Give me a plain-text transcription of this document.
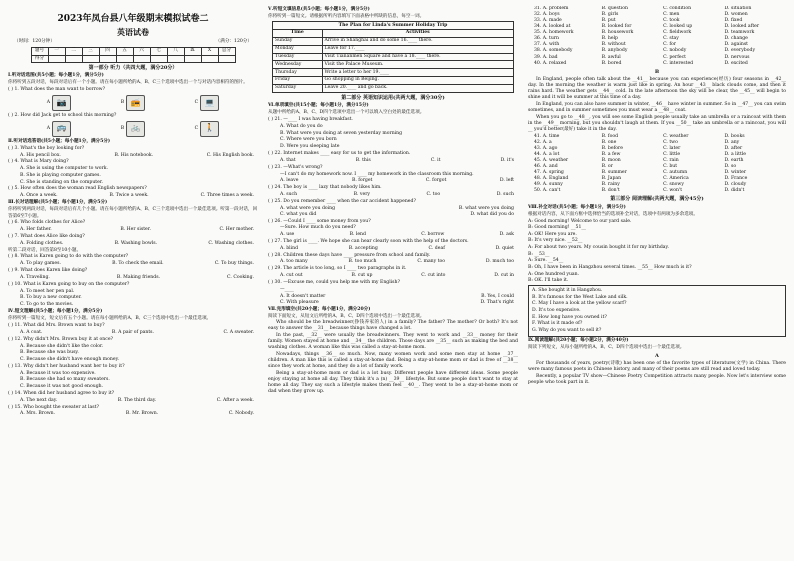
2023年凤台县八年级期末模拟试卷二
英语试卷
（时间：120分钟）	（满分：120分）
题号	一	二	三	四	五	六	七	八	Ⅸ	Ⅹ	总分
得分											
第一部分 听力（共四大题，满分20分）
Ⅰ.听对话选图(共5小题；每小题1分，满分5分)
你将听到五段对话，每段对话后有一个小题。请在每小题所给的A、B、C三个选项中选出一个与对话内容相符的图片。
( ) 1. What does the man want to borrow?
A 📷	B 📻	C 💻
( ) 2. How did Jack get to school this morning?
A 🚌	B 🚲	C 🚶
Ⅱ.听对话选答语(共5小题；每小题1分，满分5分)
( ) 3. What's the boy looking for?
A. His pencil box.	B. His notebook.	C. His English book.
( ) 4. What is Mary doing?
A. She is using the computer to work.
B. She is playing computer games.
C. She is standing on the computer.
( ) 5. How often does the woman read English newspapers?
A. Once a week.	B. Twice a week.	C. Three times a week.
Ⅲ.长对话理解(共5小题；每小题1分，满分5分)
你将听到两段对话，每段对话后有几个小题。请在每小题所给的A、B、C三个选项中选出一个最佳选项。听第一段对话，回答第6至7小题。
( ) 6. Who folds clothes for Alice?
A. Her father.	B. Her sister.	C. Her mother.
( ) 7. What does Alice like doing?
A. Folding clothes.	B. Washing bowls.	C. Washing clothes.
听第二段对话，回答第8至10小题。
( ) 8. What is Karen going to do with the computer?
A. To play games.	B. To check the email.	C. To buy things.
( ) 9. What does Karen like doing?
A. Traveling.	B. Making friends.	C. Cooking.
( ) 10. What is Karen going to buy on the computer?
A. To meet her pen pal.
B. To buy a new computer.
C. To go to the movies.
Ⅳ.短文理解(共5小题；每小题1分，满分5分)
你将听到一篇短文，短文后有五个小题。请在每小题所给的A、B、C三个选项中选出一个最佳选项。
( ) 11. What did Mrs. Brown want to buy?
A. A coat.	B. A pair of pants.	C. A sweater.
( ) 12. Why didn't Mrs. Brown buy it at once?
A. Because she didn't like the color.
B. Because she was busy.
C. Because she didn't have enough money.
( ) 13. Why didn't her husband want her to buy it?
A. Because it was too expensive.
B. Because she had so many sweaters.
C. Because it was not good enough.
( ) 14. When did her husband agree to buy it?
A. The next day.	B. The third day.	C. After a week.
( ) 15. Who bought the sweater at last?
A. Mrs. Brown.	B. Mr. Brown.	C. Nobody.
Ⅴ.听短文填信息(共5小题；每小题1分，满分5分)
你将听到一篇短文。请根据所听内容填写下面表格中所缺的信息，每空一词。
The Plan for Linda's Summer Holiday Trip	
Time	Activities
Sunday	Arrive in Shanghai and do some 16.____ there.
Monday	Leave for 17.____
Tuesday	Visit Tiananmen Square and have a 18.____ there.
Wednesday	Visit the Palace Museum.
Thursday	Write a letter to her 19.____
Friday	Go shopping in Beijing.
Saturday	Leave 20.____ and go back.
第二部分 英语知识运用(共两大题，满分30分)
Ⅵ.单项填空(共15小题；每小题1分，满分15分)
从题中所给的A、B、C、D四个选项中选出一个可以填入空白处的最佳选项。
( ) 21. —____ I was having breakfast.
A. What do you do
B. What were you doing at seven yesterday morning
C. Where were you born
D. Were you sleeping late
( ) 22. Internet makes ____ easy for us to get the information.
A. that	B. this	C. it	D. it's
( ) 23. —What's wrong?
—I can't do my homework now. I ____ my homework in the classroom this morning.
A. leave	B. forget	C. forgot	D. left
( ) 24. The boy is ____ lazy that nobody likes him.
A. such	B. very	C. too	D. such
( ) 25. Do you remember ____ when the car accident happened?
A. what were you doing	B. what were you doing
C. what you did	D. what did you do
( ) 26. —Could I ____ some money from you?
—Sure. How much do you need?
A. use	B. lend	C. borrow	D. ask
( ) 27. The girl is ____. We hope she can hear clearly soon with the help of the doctors.
A. blind	B. accepting	C. deaf	D. quiet
( ) 28. Children these days have ____ pressure from school and family.
A. too many	B. too much	C. many too	D. much too
( ) 29. The article is too long, so I ____ two paragraphs in it.
A. cut out	B. cut up	C. cut into	D. cut in
( ) 30. —Excuse me, could you help me with my English?
—____
A. It doesn't matter	B. Yes, I could
C. With pleasure	D. That's right
Ⅶ.完形填空(共20小题；每小题1分，满分20分)
阅读下面短文，从短文后所给的A、B、C、D四个选项中选出一个最佳选项。
Who should be the breadwinner(挣钱养家的人) in a family? The father? The mother? Or both? It's not easy to answer the __31__ because things have changed a lot.
In the past, __32__ were usually the breadwinners. They went to work and __33__ money for their family. Women stayed at home and __34__ the children. Those days are __35__ such as making the bed and washing clothes. A woman like this was called a stay-at-home mom.
Nowadays, things __36__ so much. Now, many women work and some men stay at home __37__ children. A man like this is called a stay-at-home dad. Being a stay-at-home mom or dad is free of __38__ since they work at home, and they do a lot of family work.
Being a stay-at-home mom or dad is a lot busy. Different people have different ideas. Some people enjoy staying at home all day. They think it's a (n) __39__ lifestyle. But some people don't want to stay at home all day. They say such a lifestyle makes them feel __40__. They went to be a stay-at-home mom or dad when they grow up.
31. A. problem	B. question	C. condition	D. situation
32. A. boys	B. girls	C. men	D. women
33. A. made	B. put	C. took	D. fixed
34. A. looked at	B. looked for	C. looked up	D. looked after
35. A. homework	B. housework	C. fieldwork	D. teamwork
36. A. turn	B. help	C. stay	D. change
37. A. with	B. without	C. for	D. against
38. A. somebody	B. anybody	C. nobody	D. everybody
39. A. bad	B. awful	C. perfect	D. nervous
40. A. relaxed	B. bored	C. interested	D. excited
B
In England, people often talk about the __41__ because you can experience(经历) four seasons in __42__ day. In the morning the weather is warm just like in spring. An hour __43__ black clouds come, and then it rains hard. The weather gets __44__ cold. In the late afternoon the sky will be clear, the __45__ will begin to shine and it will be summer at this time of a day.
In England, you can also have summer in winter, __46__ have winter in summer. So in __47__ you can swim sometimes, and in summer sometimes you must wear a __48__ coat.
When you go to __48__, you will see some English people usually take an umbrella or a raincoat with them in the __49__ morning, but you shouldn't laugh at them. If you __50__ take an umbrella or a raincoat, you will __ you'd better(最好) take it in the day.
41. A. time	B. food	C. weather	D. books
42. A. a	B. one	C. two	D. any
43. A. ago	B. before	C. later	D. after
44. A. a lot	B. a few	C. little	D. a little
45. A. weather	B. moon	C. rain	D. earth
46. A. and	B. or	C. but	D. so
47. A. spring	B. summer	C. autumn	D. winter
48. A. England	B. Japan	C. America	D. France
49. A. sunny	B. rainy	C. snowy	D. cloudy
50. A. can't	B. don't	C. won't	D. didn't
第三部分 阅读理解(共两大题，满分45分)
Ⅷ.补全对话(共5小题；每小题1分，满分5分)
根据对话内容，从下面方框中选择恰当的选项补全对话，选项中有两项为多余选项。
A: Good morning! Welcome to our yard sale.
B: Good morning! __51__
A: OK! Here you are.
B: It's very nice. __52__
A: For about two years. My cousin bought it for my birthday.
B: __53__
A: Sure. __54__
B: Oh, I have been in Hangzhou several times. __55__ How much is it?
A: One hundred yuan.
B: OK. I'll take it.
A. She bought it in Hangzhou.
B. It's famous for the West Lake and silk.
C. May I have a look at the yellow scarf?
D. It's too expensive.
E. How long have you owned it?
F. What is it made of?
G. Why do you want to sell it?
Ⅸ.阅读理解(共20小题；每小题2分，满分40分)
阅读下列短文，从每小题所给的A、B、C、D四个选项中选出一个最佳选项。
A
For thousands of years, poetry(诗歌) has been one of the favorite types of literature(文学) in China. There were many famous poets in Chinese history, and many of their poems are still read and loved today.
Recently, a popular TV show—Chinese Poetry Competition attracts many people. Now let's interview some people who took part in it.
